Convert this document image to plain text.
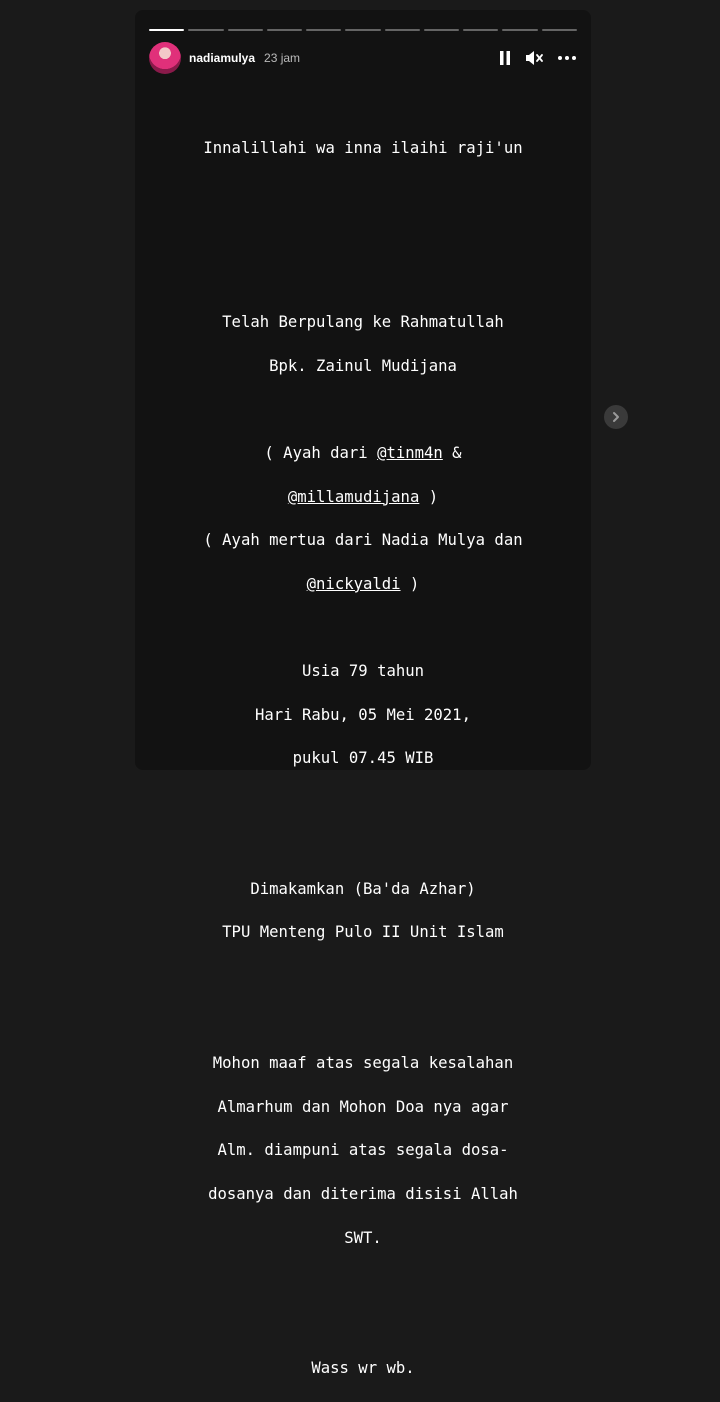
nadiamulya 23 jam

Innalillahi wa inna ilaihi raji'un

Telah Berpulang ke Rahmatullah

Bpk. Zainul Mudijana

( Ayah dari @tinm4n &

@millamudijana )

( Ayah mertua dari Nadia Mulya dan

@nickyaldi )

Usia 79 tahun

Hari Rabu, 05 Mei 2021,

pukul 07.45 WIB

Dimakamkan (Ba'da Azhar)

TPU Menteng Pulo II Unit Islam

Mohon maaf atas segala kesalahan

Almarhum dan Mohon Doa nya agar

Alm. diampuni atas segala dosa-

dosanya dan diterima disisi Allah

SWT.

Wass wr wb.
